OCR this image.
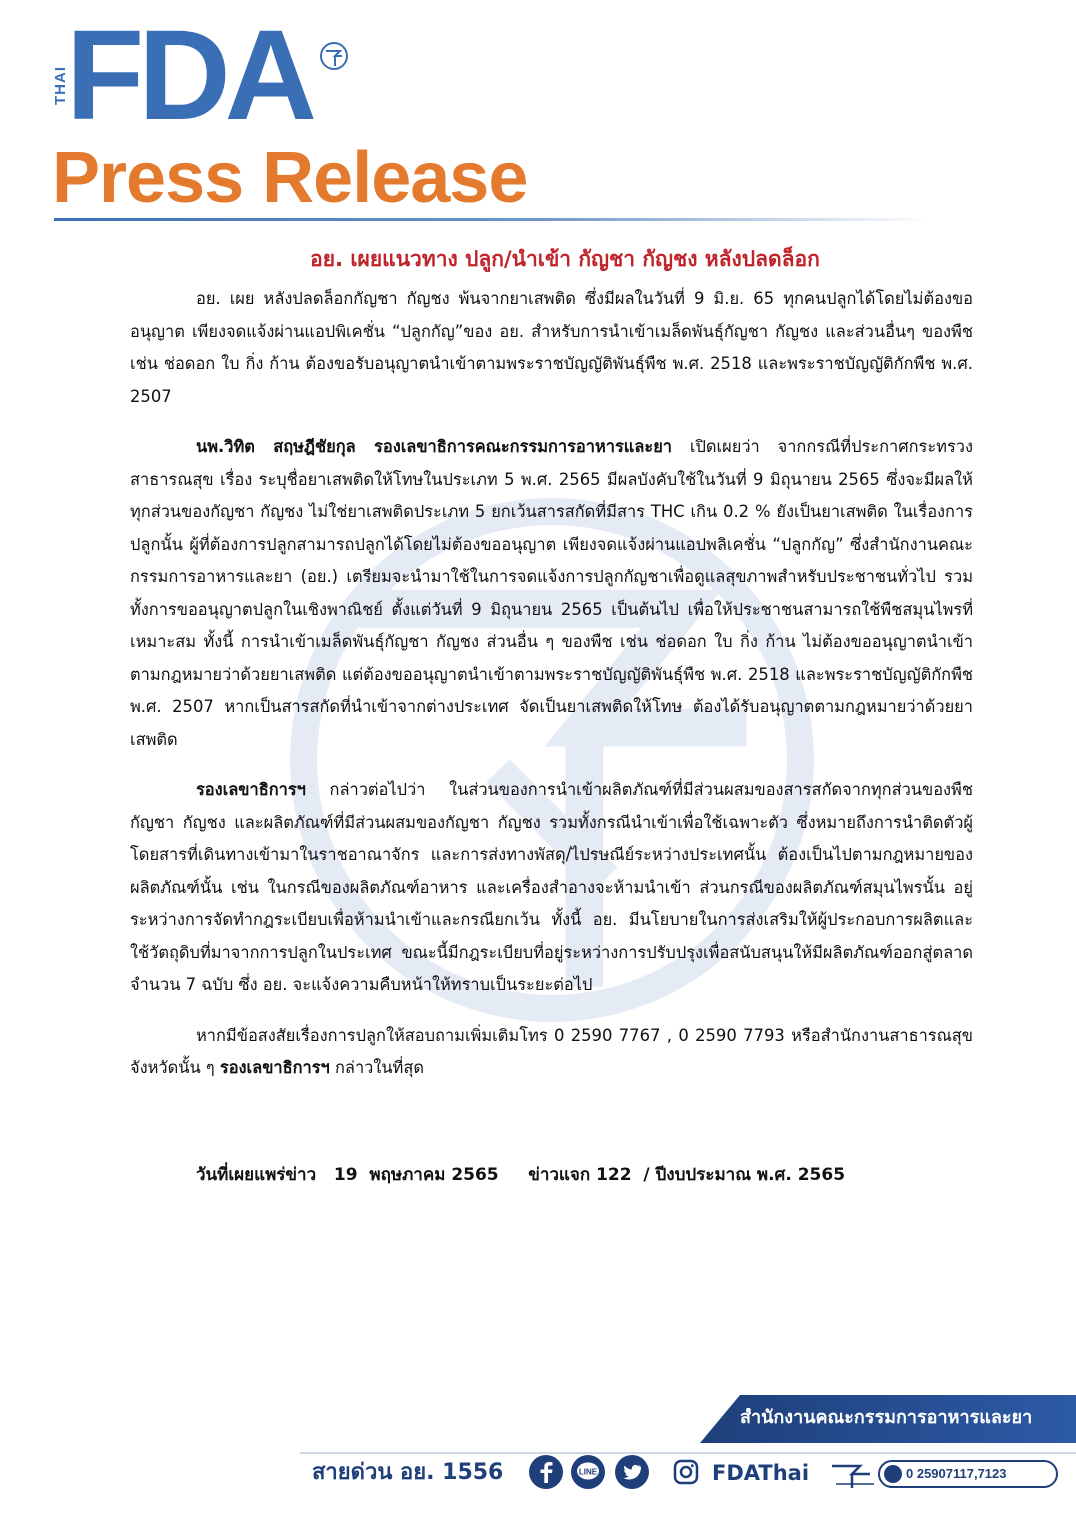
THAI
FDA
Press Release
อย. เผยแนวทาง ปลูก/นำเข้า กัญชา กัญชง หลังปลดล็อก

อย. เผย หลังปลดล็อกกัญชา กัญชง พ้นจากยาเสพติด ซึ่งมีผลในวันที่ 9 มิ.ย. 65 ทุกคนปลูกได้โดยไม่ต้องขออนุญาต เพียงจดแจ้งผ่านแอปพิเคชั่น “ปลูกกัญ”ของ อย. สำหรับการนำเข้าเมล็ดพันธุ์กัญชา กัญชง และส่วนอื่นๆ ของพืช เช่น ช่อดอก ใบ กิ่ง ก้าน ต้องขอรับอนุญาตนำเข้าตามพระราชบัญญัติพันธุ์พืช พ.ศ. 2518 และพระราชบัญญัติกักพืช พ.ศ. 2507

นพ.วิทิต สฤษฎีชัยกุล รองเลขาธิการคณะกรรมการอาหารและยา เปิดเผยว่า จากกรณีที่ประกาศกระทรวงสาธารณสุข เรื่อง ระบุชื่อยาเสพติดให้โทษในประเภท 5 พ.ศ. 2565 มีผลบังคับใช้ในวันที่ 9 มิถุนายน 2565 ซึ่งจะมีผลให้ทุกส่วนของกัญชา กัญชง ไม่ใช่ยาเสพติดประเภท 5 ยกเว้นสารสกัดที่มีสาร THC เกิน 0.2 % ยังเป็นยาเสพติด ในเรื่องการปลูกนั้น ผู้ที่ต้องการปลูกสามารถปลูกได้โดยไม่ต้องขออนุญาต เพียงจดแจ้งผ่านแอปพลิเคชั่น “ปลูกกัญ” ซึ่งสำนักงานคณะกรรมการอาหารและยา (อย.) เตรียมจะนำมาใช้ในการจดแจ้งการปลูกกัญชาเพื่อดูแลสุขภาพสำหรับประชาชนทั่วไป รวมทั้งการขออนุญาตปลูกในเชิงพาณิชย์ ตั้งแต่วันที่ 9 มิถุนายน 2565 เป็นต้นไป เพื่อให้ประชาชนสามารถใช้พืชสมุนไพรที่เหมาะสม ทั้งนี้ การนำเข้าเมล็ดพันธุ์กัญชา กัญชง ส่วนอื่น ๆ ของพืช เช่น ช่อดอก ใบ กิ่ง ก้าน ไม่ต้องขออนุญาตนำเข้าตามกฎหมายว่าด้วยยาเสพติด แต่ต้องขออนุญาตนำเข้าตามพระราชบัญญัติพันธุ์พืช พ.ศ. 2518 และพระราชบัญญัติกักพืช พ.ศ. 2507 หากเป็นสารสกัดที่นำเข้าจากต่างประเทศ จัดเป็นยาเสพติดให้โทษ ต้องได้รับอนุญาตตามกฎหมายว่าด้วยยาเสพติด

รองเลขาธิการฯ กล่าวต่อไปว่า ในส่วนของการนำเข้าผลิตภัณฑ์ที่มีส่วนผสมของสารสกัดจากทุกส่วนของพืชกัญชา กัญชง และผลิตภัณฑ์ที่มีส่วนผสมของกัญชา กัญชง รวมทั้งกรณีนำเข้าเพื่อใช้เฉพาะตัว ซึ่งหมายถึงการนำติดตัวผู้โดยสารที่เดินทางเข้ามาในราชอาณาจักร และการส่งทางพัสดุ/ไปรษณีย์ระหว่างประเทศนั้น ต้องเป็นไปตามกฎหมายของผลิตภัณฑ์นั้น เช่น ในกรณีของผลิตภัณฑ์อาหาร และเครื่องสำอางจะห้ามนำเข้า ส่วนกรณีของผลิตภัณฑ์สมุนไพรนั้น อยู่ระหว่างการจัดทำกฎระเบียบเพื่อห้ามนำเข้าและกรณียกเว้น ทั้งนี้ อย. มีนโยบายในการส่งเสริมให้ผู้ประกอบการผลิตและใช้วัตถุดิบที่มาจากการปลูกในประเทศ ขณะนี้มีกฎระเบียบที่อยู่ระหว่างการปรับปรุงเพื่อสนับสนุนให้มีผลิตภัณฑ์ออกสู่ตลาด จำนวน 7 ฉบับ ซึ่ง อย. จะแจ้งความคืบหน้าให้ทราบเป็นระยะต่อไป

หากมีข้อสงสัยเรื่องการปลูกให้สอบถามเพิ่มเติมโทร 0 2590 7767 , 0 2590 7793 หรือสำนักงานสาธารณสุขจังหวัดนั้น ๆ รองเลขาธิการฯ กล่าวในที่สุด

วันที่เผยแพร่ข่าว   19  พฤษภาคม 2565     ข่าวแจก 122  / ปีงบประมาณ พ.ศ. 2565
สำนักงานคณะกรรมการอาหารและยา
สายด่วน อย. 1556	LINE	FDAThai	0 25907117,7123
